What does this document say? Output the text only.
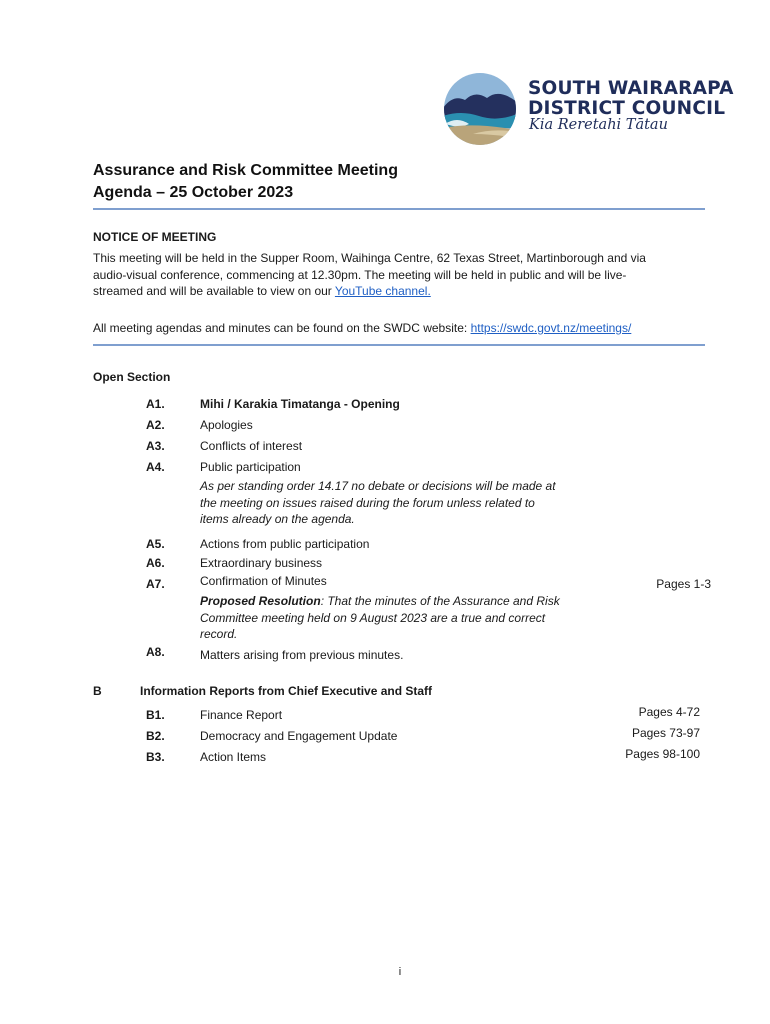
SOUTH WAIRARAPA
DISTRICT COUNCIL
Kia Reretahi Tātau
Assurance and Risk Committee Meeting
Agenda – 25 October 2023
NOTICE OF MEETING
This meeting will be held in the Supper Room, Waihinga Centre, 62 Texas Street, Martinborough and via
audio-visual conference, commencing at 12.30pm. The meeting will be held in public and will be live-
streamed and will be available to view on our YouTube channel.
All meeting agendas and minutes can be found on the SWDC website: https://swdc.govt.nz/meetings/
Open Section
A1.	Mihi / Karakia Timatanga - Opening
A2.	Apologies
A3.	Conflicts of interest
A4.	Public participation
As per standing order 14.17 no debate or decisions will be made at
the meeting on issues raised during the forum unless related to
items already on the agenda.
A5.	Actions from public participation
A6.	Extraordinary business
A7.	Confirmation of Minutes	Pages 1-3
Proposed Resolution: That the minutes of the Assurance and Risk
Committee meeting held on 9 August 2023 are a true and correct
record.
A8.	Matters arising from previous minutes.
B	Information Reports from Chief Executive and Staff
B1.	Finance Report	Pages 4-72
B2.	Democracy and Engagement Update	Pages 73-97
B3.	Action Items	Pages 98-100
i
